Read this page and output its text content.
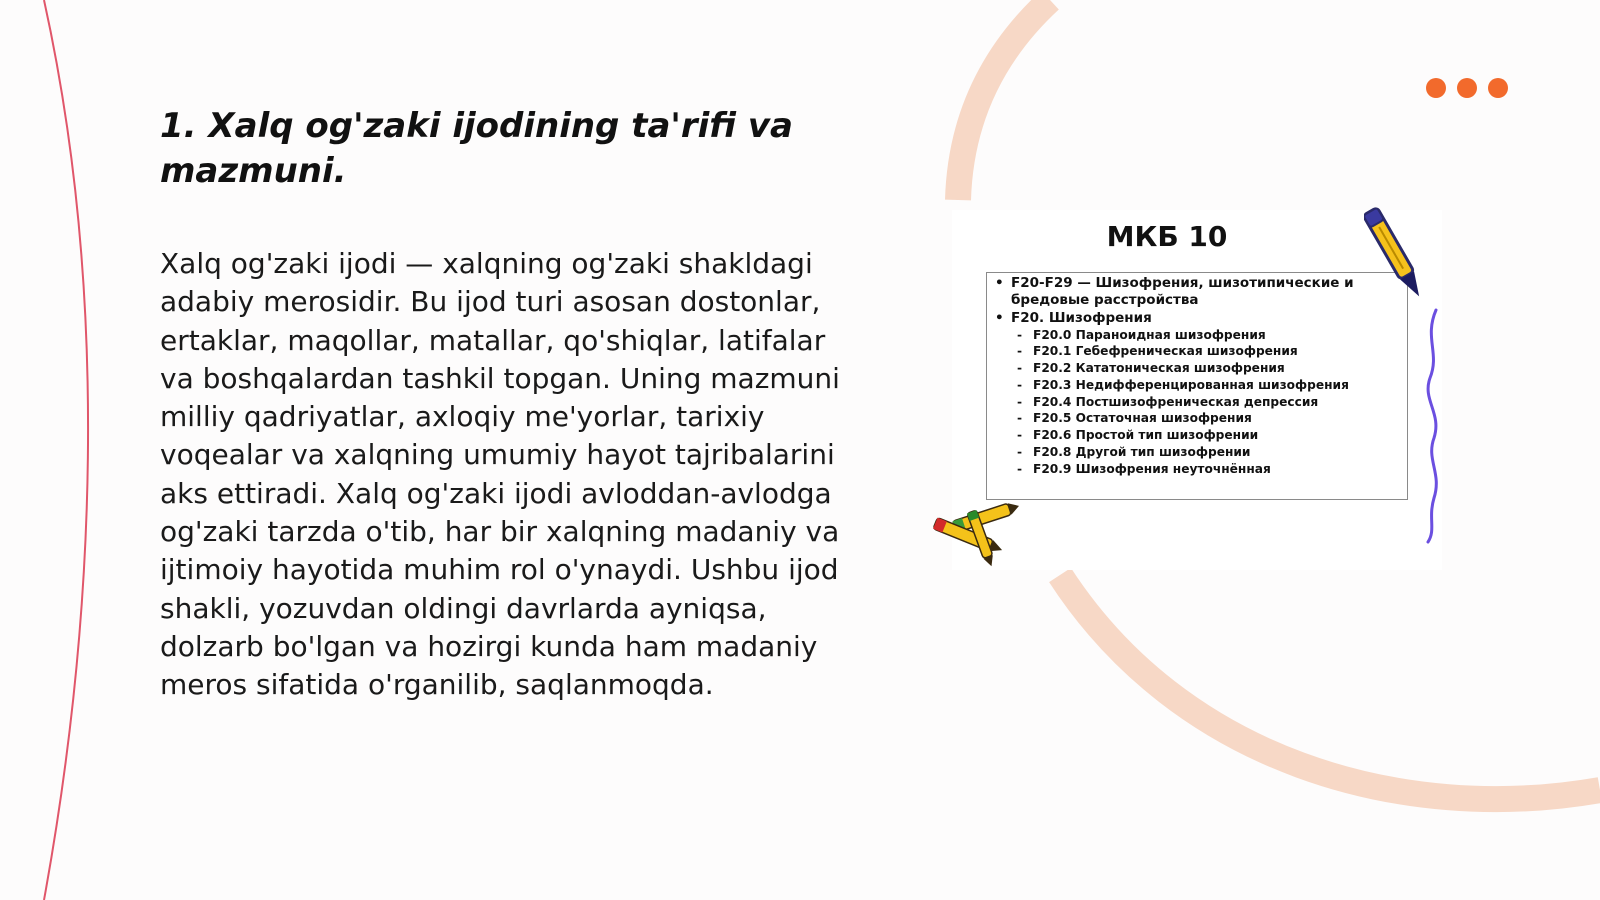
1. Xalq og'zaki ijodining ta'rifi va mazmuni.

Xalq og'zaki ijodi — xalqning og'zaki shakldagi adabiy merosidir. Bu ijod turi asosan dostonlar, ertaklar, maqollar, matallar, qo'shiqlar, latifalar va boshqalardan tashkil topgan. Uning mazmuni milliy qadriyatlar, axloqiy me'yorlar, tarixiy voqealar va xalqning umumiy hayot tajribalarini aks ettiradi. Xalq og'zaki ijodi avloddan-avlodga og'zaki tarzda o'tib, har bir xalqning madaniy va ijtimoiy hayotida muhim rol o'ynaydi. Ushbu ijod shakli, yozuvdan oldingi davrlarda ayniqsa, dolzarb bo'lgan va hozirgi kunda ham madaniy meros sifatida o'rganilib, saqlanmoqda.

МКБ 10
• F20-F29 — Шизофрения, шизотипические и бредовые расстройства
• F20. Шизофрения
- F20.0 Параноидная шизофрения
- F20.1 Гебефреническая шизофрения
- F20.2 Кататоническая шизофрения
- F20.3 Недифференцированная шизофрения
- F20.4 Постшизофреническая депрессия
- F20.5 Остаточная шизофрения
- F20.6 Простой тип шизофрении
- F20.8 Другой тип шизофрении
- F20.9 Шизофрения неуточнённая
